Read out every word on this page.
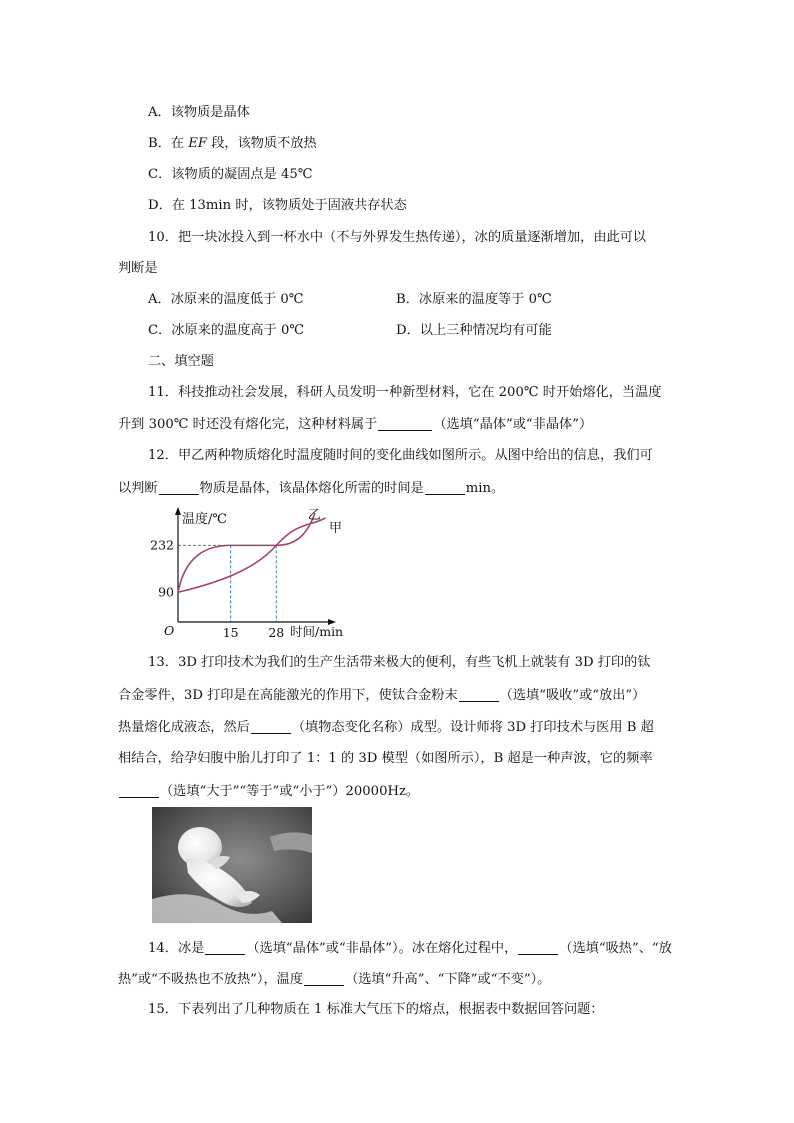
A．该物质是晶体
B．在 EF 段，该物质不放热
C．该物质的凝固点是 45℃
D．在 13min 时，该物质处于固液共存状态
10．把一块冰投入到一杯水中（不与外界发生热传递），冰的质量逐渐增加，由此可以
判断是
A．冰原来的温度低于 0℃	B．冰原来的温度等于 0℃
C．冰原来的温度高于 0℃	D．以上三种情况均有可能
二、填空题
11．科技推动社会发展，科研人员发明一种新型材料，它在 200℃ 时开始熔化，当温度
升到 300℃ 时还没有熔化完，这种材料属于	（选填“晶体”或“非晶体”）
12．甲乙两种物质熔化时温度随时间的变化曲线如图所示。从图中给出的信息，我们可
以判断	物质是晶体，该晶体熔化所需的时间是	min。
90
232
15 28
温度/℃
时间/min
O
乙
甲
13．3D 打印技术为我们的生产生活带来极大的便利，有些飞机上就装有 3D 打印的钛
合金零件，3D 打印是在高能激光的作用下，使钛合金粉末	（选填“吸收”或“放出”）
热量熔化成液态，然后	（填物态变化名称）成型。设计师将 3D 打印技术与医用 B 超
相结合，给孕妇腹中胎儿打印了 1：1 的 3D 模型（如图所示），B 超是一种声波，它的频率
（选填“大于”“等于”或“小于”）20000Hz。
14．冰是	（选填“晶体”或“非晶体”）。冰在熔化过程中，	（选填“吸热”、“放
热”或“不吸热也不放热”），温度	（选填“升高”、“下降”或“不变”）。
15．下表列出了几种物质在 1 标准大气压下的熔点，根据表中数据回答问题：
